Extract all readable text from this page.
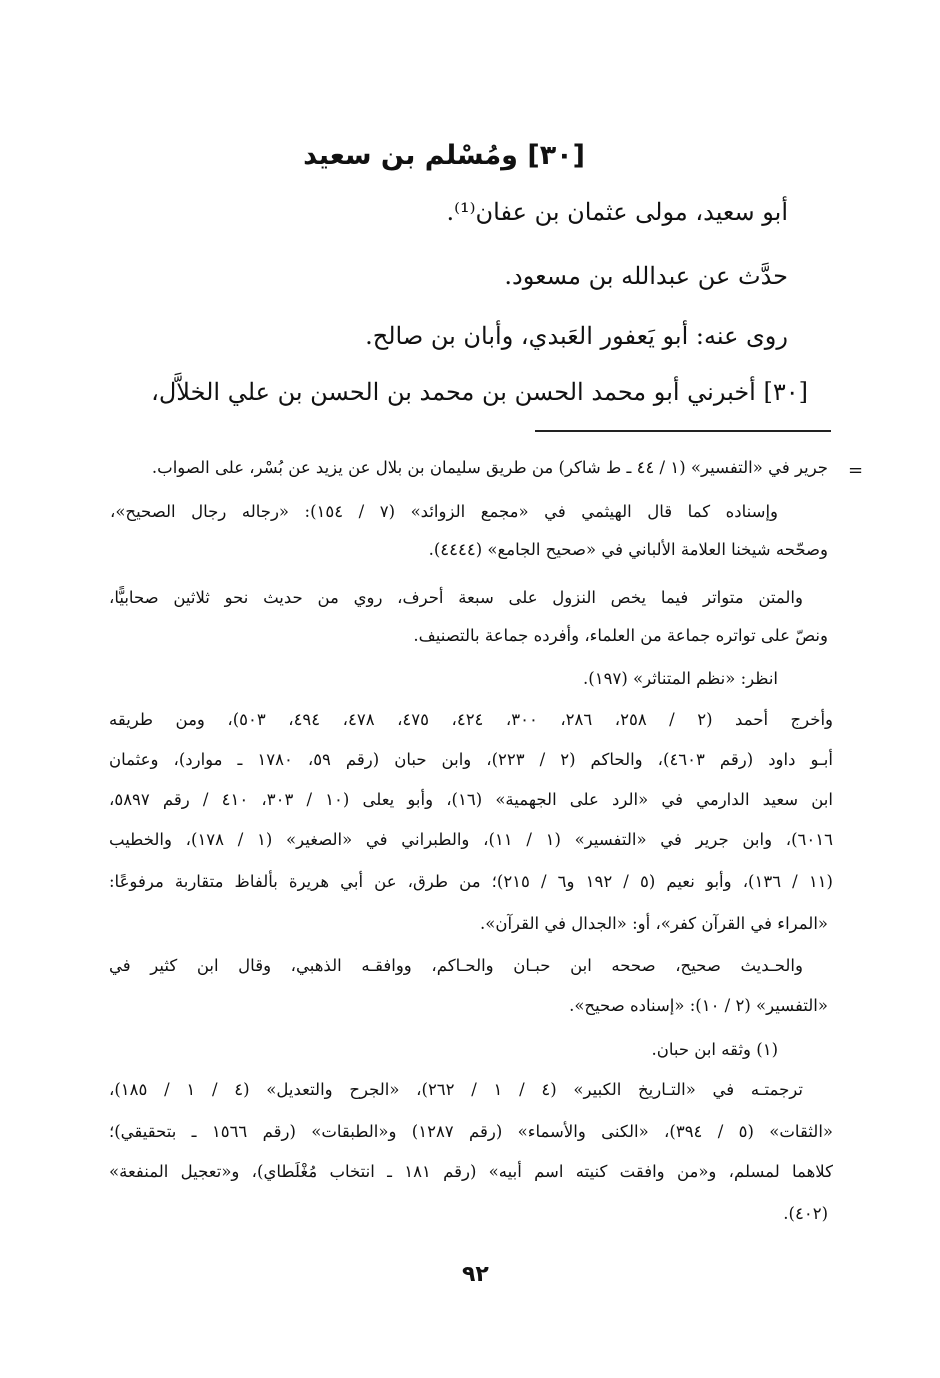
[٣٠] ومُسْلم بن سعيد
أبو سعيد، مولى عثمان بن عفان⁽¹⁾.
حدَّث عن عبدالله بن مسعود.
روى عنه: أبو يَعفور العَبدي، وأبان بن صالح.
[٣٠] أخبرني أبو محمد الحسن بن محمد بن الحسن بن علي الخلاَّل،
=
جرير في «التفسير» (١ / ٤٤ ـ ط شاكر) من طريق سليمان بن بلال عن يزيد عن بُسْر، على الصواب.
وإسناده كما قال الهيثمي في «مجمع الزوائد» (٧ / ١٥٤): «رجاله رجال الصحيح»،
وصحّحه شيخنا العلامة الألباني في «صحيح الجامع» (٤٤٤٤).
والمتن متواتر فيما يخص النزول على سبعة أحرف، روي من حديث نحو ثلاثين صحابيًّا،
ونصّ على تواتره جماعة من العلماء، وأفرده جماعة بالتصنيف.
انظر: «نظم المتناثر» (١٩٧).
وأخرج أحمد (٢ / ٢٥٨، ٢٨٦، ٣٠٠، ٤٢٤، ٤٧٥، ٤٧٨، ٤٩٤، ٥٠٣)، ومن طريقه
أبـو داود (رقم ٤٦٠٣)، والحاكم (٢ / ٢٢٣)، وابن حبان (رقم ٥٩، ١٧٨٠ ـ موارد)، وعثمان
ابن سعيد الدارمي في «الرد على الجهمية» (١٦)، وأبو يعلى (١٠ / ٣٠٣، ٤١٠ / رقم ٥٨٩٧،
٦٠١٦)، وابن جرير في «التفسير» (١ / ١١)، والطبراني في «الصغير» (١ / ١٧٨)، والخطيب
(١١ / ١٣٦)، وأبو نعيم (٥ / ١٩٢ و٦ / ٢١٥)؛ من طرق، عن أبي هريرة بألفاظ متقاربة مرفوعًا:
«المراء في القرآن كفر»، أو: «الجدال في القرآن».
والحـديث صحيح، صححه ابن حبـان والحـاكم، ووافقـه الذهبي، وقال ابن كثير في
«التفسير» (٢ / ١٠): «إسناده صحيح».
(١) وثقه ابن حبان.
ترجمتـه في «التـاريخ الكبير» (٤ / ١ / ٢٦٢)، «الجرح والتعديل» (٤ / ١ / ١٨٥)،
«الثقات» (٥ / ٣٩٤)، «الكنى والأسماء» (رقم ١٢٨٧) و«الطبقات» (رقم ١٥٦٦ ـ بتحقيقي)؛
كلاهما لمسلم، و«من وافقت كنيته اسم أبيه» (رقم ١٨١ ـ انتخاب مُغْلَطاي)، و«تعجيل المنفعة»
(٤٠٢).
٩٢
